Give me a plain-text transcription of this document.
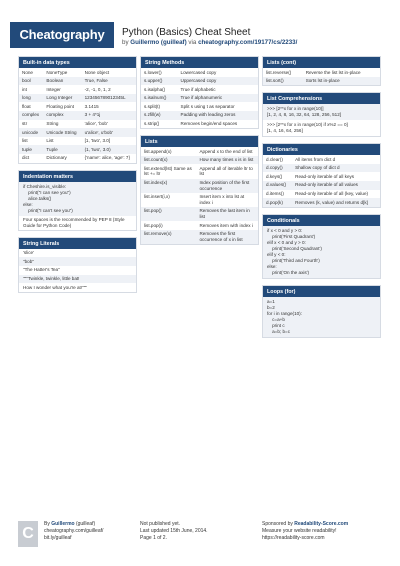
Cheatography	Python (Basics) Cheat Sheet
by Guillermo (guilleaf) via cheatography.com/19177/cs/2233/
Built-in data types
None	NoneType	None object
bool	Boolean	True, False
int	Integer	-2, -1, 0, 1, 2
long	Long Integer	123456789012345L
float	Floating point	3.1415
complex	complex	3 + 4*1j
str	String	'alice', 'bob'
unicode	Unicode String	u'alice', u'bob'
list	List	[1, 'two', 3.0]
tuple	Tuple	(1, 'two', 3.0)
dict	Dictionary	{'name': alice, 'age': 7}
Indentation matters
if Cheshire.is_visible:
print("I can see you")
alice.talks()
else:
print("I can't see you")
Four spaces is the recommended by PEP 8 (Style Guide for Python Code)
String Literals
'slice'
"bob"
"The Hatter's Tea"
"""Twinkle, twinkle, little bat!
How I wonder what you're at!"""
String Methods
s.lower()	Lowercased copy
s.upper()	Uppercased copy
s.isalpha()	True if alphabetic
s.isalnum()	True if alphanumeric
s.split(t)	Split s using t as separator
s.zfill(w)	Padding with leading zeros
s.strip()	Removes begin/end spaces
Lists
list.append(x)	Append x to the end of list
list.count(x)	How many times x is in list
list.extend(lst) Same as lst += ltr	Append all of iterable ltr to lst
list.index(x)	Index position of the first occurrence
list.insert(i,x)	Insert item x into lst at index i
list.pop()	Removes the last item in list
list.pop(i)	Removes item with index i
list.remove(x)	Removes the first occurrence of x in list
Lists (cont)
list.reverse()	Reverse the list lst in-place
list.sort()	Sorts lst in-place
List Comprehensions
>>> [2**x for x in range(10)]
[1, 2, 4, 8, 16, 32, 64, 128, 256, 512]
>>> [2**x for x in range(10) if x%2 == 0]
[1, 4, 16, 64, 256]
Dictionaries
d.clear()	All items from dict d
d.copy()	Shallow copy of dict d
d.keys()	Read-only iterable of all keys
d.values()	Read-only iterable of all values
d.items()	Read-only iterable of all (key, value)
d.pop(k)	Removes (k, value) and returns d[k]
Conditionals
if x < 0 and y > 0:
print('First Quadrant')
elif x < 0 and y > 0:
print('Second Quadrant')
elif y < 0:
print('Third and Fourth')
else:
print('On the axis')
Loops (for)
a=1
b=2
for i in range(10):
c=a+b
print c
a=b; b=c
C
By Guillermo (guilleaf)
cheatography.com/guilleaf/
bit.ly/guilleaf
Not published yet.
Last updated 15th June, 2014.
Page 1 of 2.
Sponsored by Readability-Score.com
Measure your website readability!
https://readability-score.com
